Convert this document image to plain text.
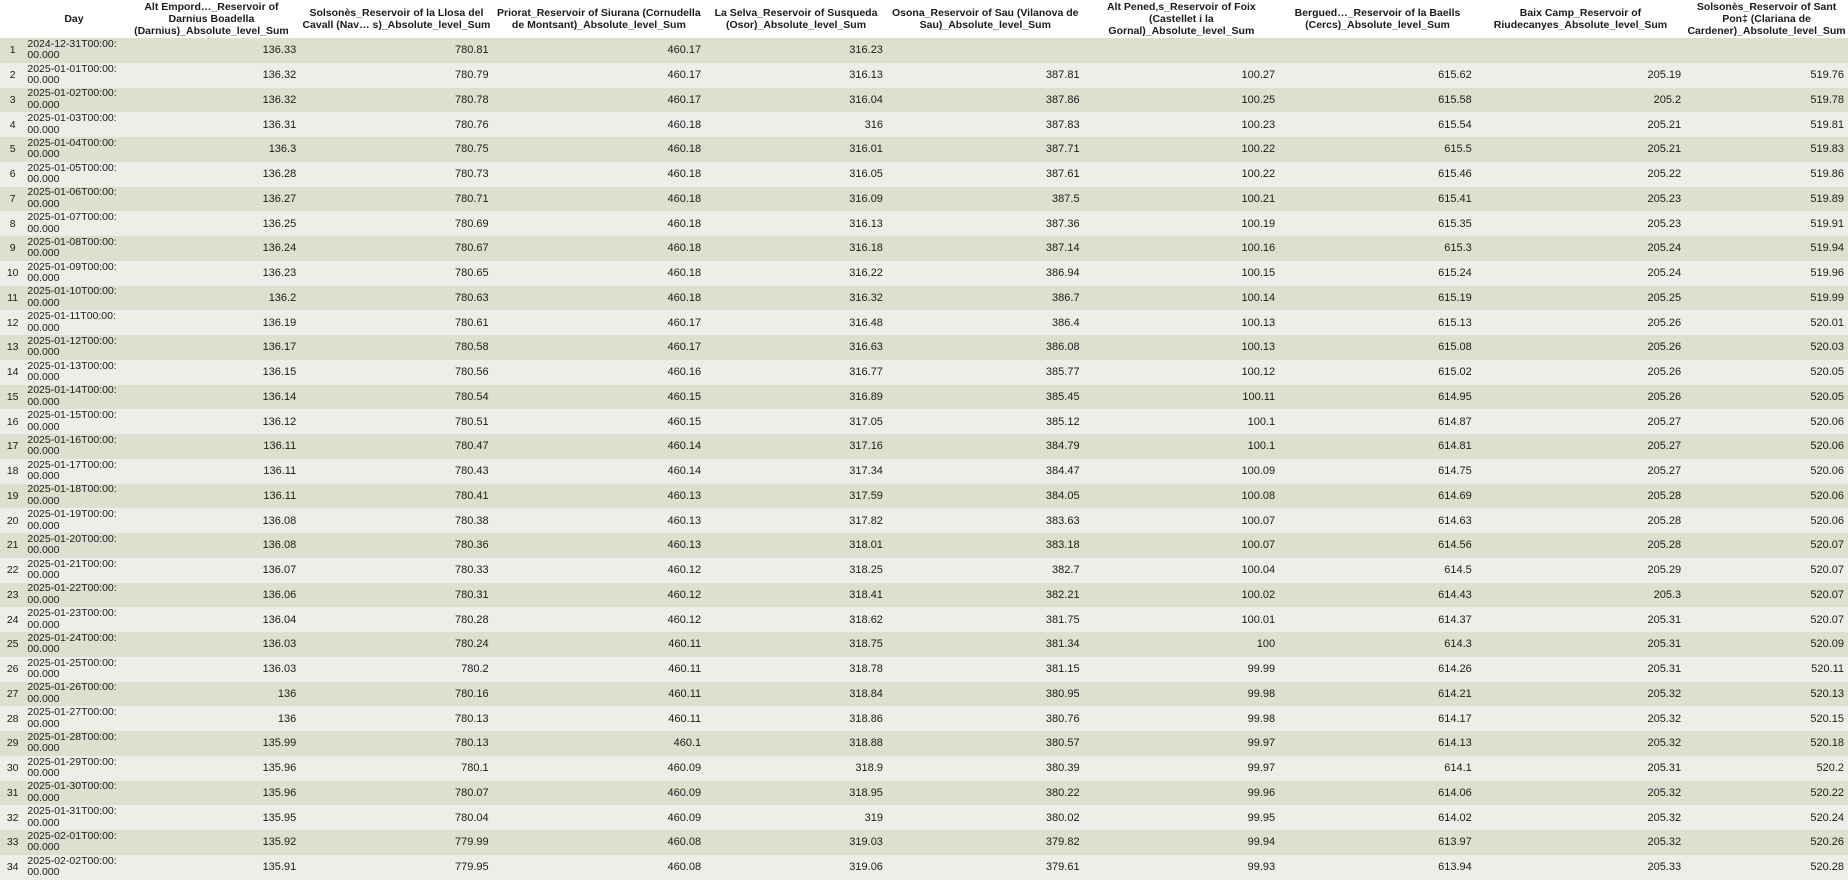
	Day	Alt Empord…_Reservoir of Darnius Boadella (Darnius)_Absolute_level_Sum	Solsonès_Reservoir of la Llosa del Cavall (Nav… s)_Absolute_level_Sum	Priorat_Reservoir of Siurana (Cornudella de Montsant)_Absolute_level_Sum	La Selva_Reservoir of Susqueda (Osor)_Absolute_level_Sum	Osona_Reservoir of Sau (Vilanova de Sau)_Absolute_level_Sum	Alt Pened‚s_Reservoir of Foix (Castellet i la Gornal)_Absolute_level_Sum	Bergued…_Reservoir of la Baells (Cercs)_Absolute_level_Sum	Baix Camp_Reservoir of Riudecanyes_Absolute_level_Sum	Solsonès_Reservoir of Sant Pon‡ (Clariana de Cardener)_Absolute_level_Sum
1	2024-12-31T00:00:00.000	136.33	780.81	460.17	316.23					
2	2025-01-01T00:00:00.000	136.32	780.79	460.17	316.13	387.81	100.27	615.62	205.19	519.76
3	2025-01-02T00:00:00.000	136.32	780.78	460.17	316.04	387.86	100.25	615.58	205.2	519.78
4	2025-01-03T00:00:00.000	136.31	780.76	460.18	316	387.83	100.23	615.54	205.21	519.81
5	2025-01-04T00:00:00.000	136.3	780.75	460.18	316.01	387.71	100.22	615.5	205.21	519.83
6	2025-01-05T00:00:00.000	136.28	780.73	460.18	316.05	387.61	100.22	615.46	205.22	519.86
7	2025-01-06T00:00:00.000	136.27	780.71	460.18	316.09	387.5	100.21	615.41	205.23	519.89
8	2025-01-07T00:00:00.000	136.25	780.69	460.18	316.13	387.36	100.19	615.35	205.23	519.91
9	2025-01-08T00:00:00.000	136.24	780.67	460.18	316.18	387.14	100.16	615.3	205.24	519.94
10	2025-01-09T00:00:00.000	136.23	780.65	460.18	316.22	386.94	100.15	615.24	205.24	519.96
11	2025-01-10T00:00:00.000	136.2	780.63	460.18	316.32	386.7	100.14	615.19	205.25	519.99
12	2025-01-11T00:00:00.000	136.19	780.61	460.17	316.48	386.4	100.13	615.13	205.26	520.01
13	2025-01-12T00:00:00.000	136.17	780.58	460.17	316.63	386.08	100.13	615.08	205.26	520.03
14	2025-01-13T00:00:00.000	136.15	780.56	460.16	316.77	385.77	100.12	615.02	205.26	520.05
15	2025-01-14T00:00:00.000	136.14	780.54	460.15	316.89	385.45	100.11	614.95	205.26	520.05
16	2025-01-15T00:00:00.000	136.12	780.51	460.15	317.05	385.12	100.1	614.87	205.27	520.06
17	2025-01-16T00:00:00.000	136.11	780.47	460.14	317.16	384.79	100.1	614.81	205.27	520.06
18	2025-01-17T00:00:00.000	136.11	780.43	460.14	317.34	384.47	100.09	614.75	205.27	520.06
19	2025-01-18T00:00:00.000	136.11	780.41	460.13	317.59	384.05	100.08	614.69	205.28	520.06
20	2025-01-19T00:00:00.000	136.08	780.38	460.13	317.82	383.63	100.07	614.63	205.28	520.06
21	2025-01-20T00:00:00.000	136.08	780.36	460.13	318.01	383.18	100.07	614.56	205.28	520.07
22	2025-01-21T00:00:00.000	136.07	780.33	460.12	318.25	382.7	100.04	614.5	205.29	520.07
23	2025-01-22T00:00:00.000	136.06	780.31	460.12	318.41	382.21	100.02	614.43	205.3	520.07
24	2025-01-23T00:00:00.000	136.04	780.28	460.12	318.62	381.75	100.01	614.37	205.31	520.07
25	2025-01-24T00:00:00.000	136.03	780.24	460.11	318.75	381.34	100	614.3	205.31	520.09
26	2025-01-25T00:00:00.000	136.03	780.2	460.11	318.78	381.15	99.99	614.26	205.31	520.11
27	2025-01-26T00:00:00.000	136	780.16	460.11	318.84	380.95	99.98	614.21	205.32	520.13
28	2025-01-27T00:00:00.000	136	780.13	460.11	318.86	380.76	99.98	614.17	205.32	520.15
29	2025-01-28T00:00:00.000	135.99	780.13	460.1	318.88	380.57	99.97	614.13	205.32	520.18
30	2025-01-29T00:00:00.000	135.96	780.1	460.09	318.9	380.39	99.97	614.1	205.31	520.2
31	2025-01-30T00:00:00.000	135.96	780.07	460.09	318.95	380.22	99.96	614.06	205.32	520.22
32	2025-01-31T00:00:00.000	135.95	780.04	460.09	319	380.02	99.95	614.02	205.32	520.24
33	2025-02-01T00:00:00.000	135.92	779.99	460.08	319.03	379.82	99.94	613.97	205.32	520.26
34	2025-02-02T00:00:00.000	135.91	779.95	460.08	319.06	379.61	99.93	613.94	205.33	520.28
